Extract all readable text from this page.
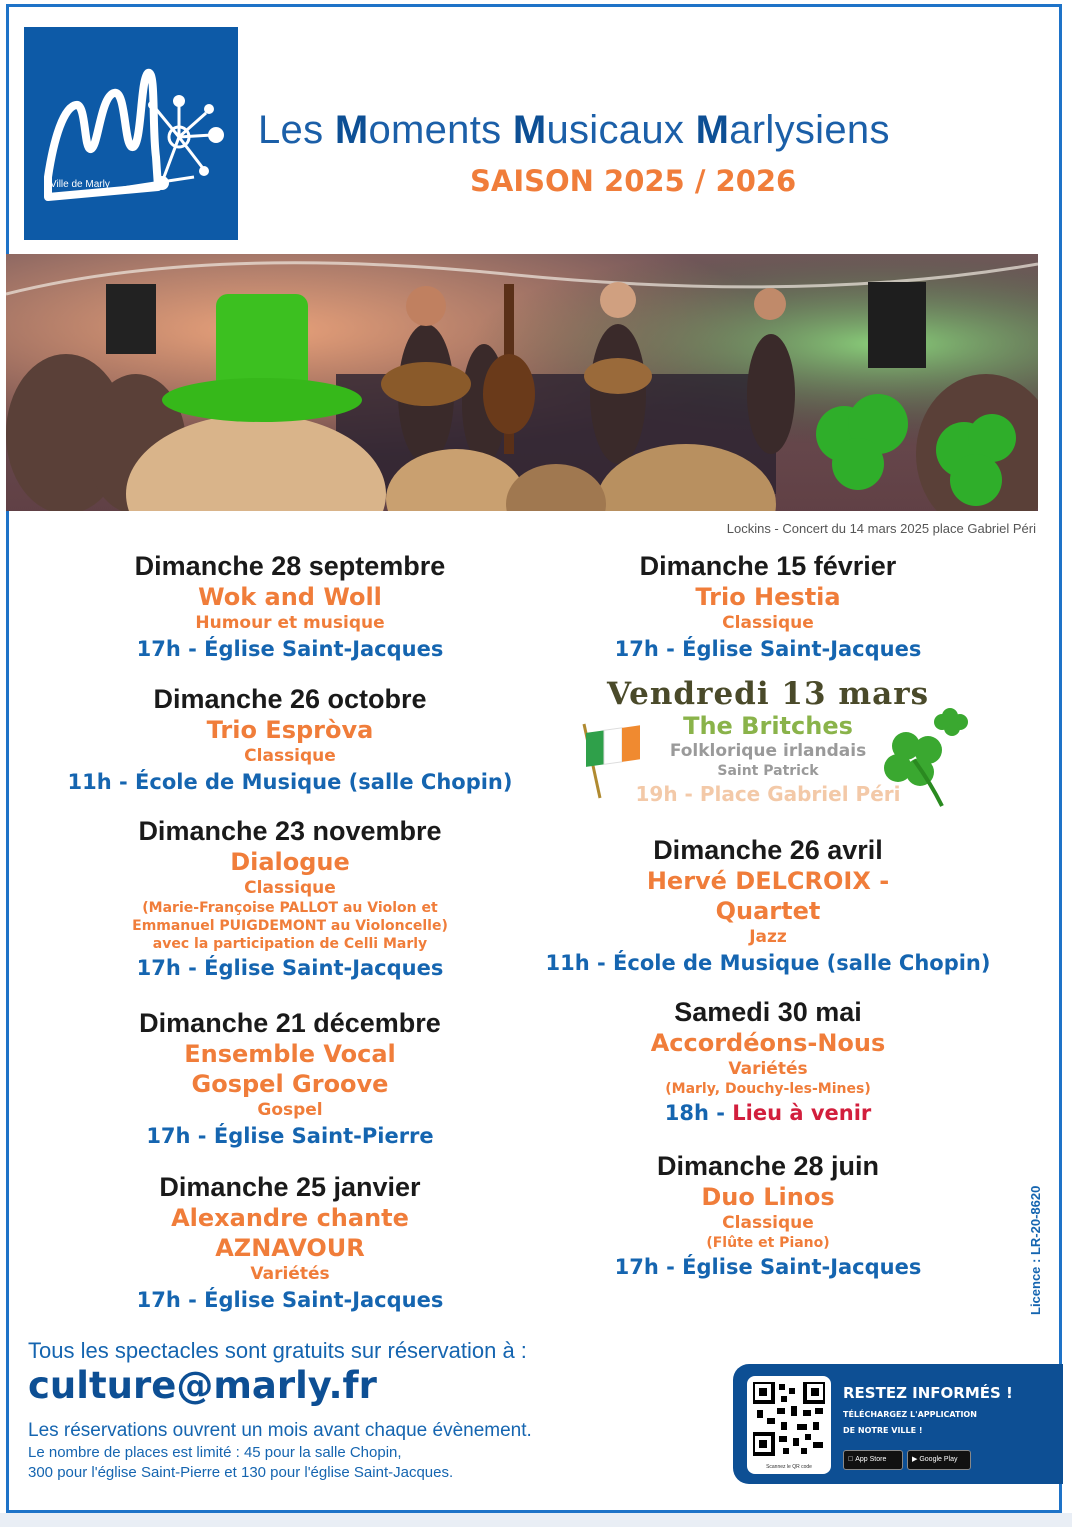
Ville de Marly
Les Moments Musicaux Marlysiens
SAISON 2025 / 2026
Lockins - Concert du 14 mars 2025 place Gabriel Péri
Dimanche 28 septembre
Wok and Woll
Humour et musique
17h - Église Saint-Jacques
Dimanche 26 octobre
Trio Espròva
Classique
11h - École de Musique (salle Chopin)
Dimanche 23 novembre
Dialogue
Classique
(Marie-Françoise PALLOT au Violon et
Emmanuel PUIGDEMONT au Violoncelle)
avec la participation de Celli Marly
17h - Église Saint-Jacques
Dimanche 21 décembre
Ensemble Vocal
Gospel Groove
Gospel
17h - Église Saint-Pierre
Dimanche 25 janvier
Alexandre chante
AZNAVOUR
Variétés
17h - Église Saint-Jacques
Dimanche 15 février
Trio Hestia
Classique
17h - Église Saint-Jacques
Vendredi 13 mars
The Britches
Folklorique irlandais
Saint Patrick
19h - Place Gabriel Péri
Dimanche 26 avril
Hervé DELCROIX -
Quartet
Jazz
11h - École de Musique (salle Chopin)
Samedi 30 mai
Accordéons-Nous
Variétés
(Marly, Douchy-les-Mines)
18h - Lieu à venir
Dimanche 28 juin
Duo Linos
Classique
(Flûte et Piano)
17h - Église Saint-Jacques	Licence : LR-20-8620
Tous les spectacles sont gratuits sur réservation à :
culture@marly.fr
Les réservations ouvrent un mois avant chaque évènement.
Le nombre de places est limité : 45 pour la salle Chopin,
300 pour l'église Saint-Pierre et 130 pour l'église Saint-Jacques.	Scannez le QR code
RESTEZ INFORMÉS !
TÉLÉCHARGEZ L'APPLICATION
DE NOTRE VILLE !
App Store	▶ Google Play
